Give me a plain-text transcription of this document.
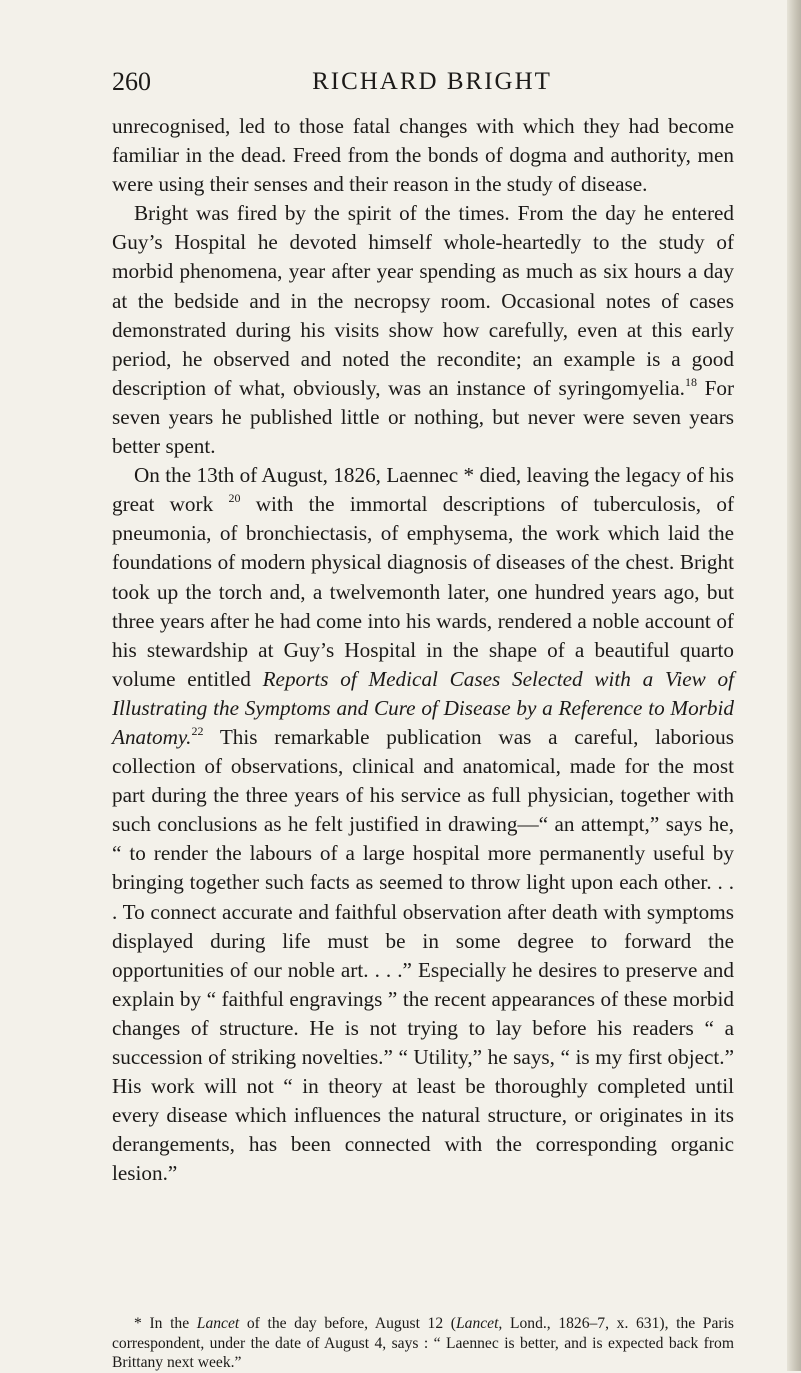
260	RICHARD BRIGHT

unrecognised, led to those fatal changes with which they had become familiar in the dead. Freed from the bonds of dogma and authority, men were using their senses and their reason in the study of disease.

Bright was fired by the spirit of the times. From the day he entered Guy’s Hospital he devoted himself whole-heartedly to the study of morbid phenomena, year after year spending as much as six hours a day at the bedside and in the necropsy room. Occasional notes of cases demonstrated during his visits show how carefully, even at this early period, he observed and noted the recondite; an example is a good description of what, obviously, was an instance of syringomyelia.$^{18}$ For seven years he published little or nothing, but never were seven years better spent.

On the 13th of August, 1826, Laennec * died, leaving the legacy of his great work $^{20}$ with the immortal descriptions of tuberculosis, of pneumonia, of bronchiectasis, of emphysema, the work which laid the foundations of modern physical diagnosis of diseases of the chest. Bright took up the torch and, a twelvemonth later, one hundred years ago, but three years after he had come into his wards, rendered a noble account of his stewardship at Guy’s Hospital in the shape of a beautiful quarto volume entitled Reports of Medical Cases Selected with a View of Illustrating the Symptoms and Cure of Disease by a Reference to Morbid Anatomy.$^{22}$ This remarkable publication was a careful, laborious collection of observations, clinical and anatomical, made for the most part during the three years of his service as full physician, together with such conclusions as he felt justified in drawing—“ an attempt,” says he, “ to render the labours of a large hospital more permanently useful by bringing together such facts as seemed to throw light upon each other. . . . To connect accurate and faithful observation after death with symptoms displayed during life must be in some degree to forward the opportunities of our noble art. . . .” Especially he desires to preserve and explain by “ faithful engravings ” the recent appearances of these morbid changes of structure. He is not trying to lay before his readers “ a succession of striking novelties.” “ Utility,” he says, “ is my first object.” His work will not “ in theory at least be thoroughly completed until every disease which influences the natural structure, or originates in its derangements, has been connected with the corresponding organic lesion.”

* In the Lancet of the day before, August 12 (Lancet, Lond., 1826–7, x. 631), the Paris correspondent, under the date of August 4, says : “ Laennec is better, and is expected back from Brittany next week.”
